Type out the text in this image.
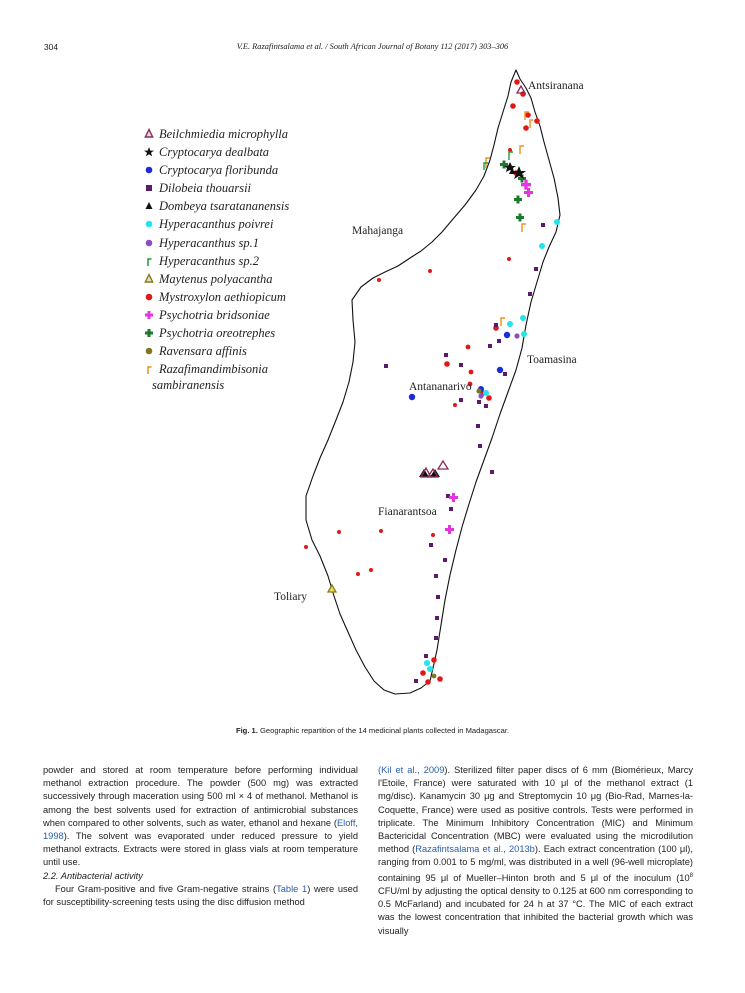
304	V.E. Razafintsalama et al. / South African Journal of Botany 112 (2017) 303–306
Beilchmiedia microphylla
Cryptocarya dealbata
Cryptocarya floribunda
Dilobeia thouarsii
Dombeya tsaratananensis
Hyperacanthus poivrei
Hyperacanthus sp.1
Hyperacanthus sp.2
Maytenus polyacantha
Mystroxylon aethiopicum
Psychotria bridsoniae
Psychotria oreotrephes
Ravensara affinis
Razafimandimbisonia
sambiranensis
Antsiranana
Mahajanga
Toamasina
Antananarivo
Fianarantsoa
Toliary
Fig. 1. Geographic repartition of the 14 medicinal plants collected in Madagascar.

powder and stored at room temperature before performing individual methanol extraction procedure. The powder (500 mg) was extracted successively through maceration using 500 ml × 4 of methanol. Methanol is among the best solvents used for extraction of antimicrobial substances when compared to other solvents, such as water, ethanol and hexane (Eloff, 1998). The solvent was evaporated under reduced pressure to yield methanol extracts. Extracts were stored in glass vials at room temperature until use.

2.2. Antibacterial activity

Four Gram-positive and five Gram-negative strains (Table 1) were used for susceptibility-screening tests using the disc diffusion method

(Kil et al., 2009). Sterilized filter paper discs of 6 mm (Biomérieux, Marcy l'Etoile, France) were saturated with 10 μl of the methanol extract (1 mg/disc). Kanamycin 30 μg and Streptomycin 10 μg (Bio-Rad, Marnes-la-Coquette, France) were used as positive controls. Tests were performed in triplicate. The Minimum Inhibitory Concentration (MIC) and Minimum Bactericidal Concentration (MBC) were evaluated using the microdilution method (Razafintsalama et al., 2013b). Each extract concentration (100 μl), ranging from 0.001 to 5 mg/ml, was distributed in a well (96-well microplate) containing 95 μl of Mueller–Hinton broth and 5 μl of the inoculum ($10^8$ CFU/ml by adjusting the optical density to 0.125 at 600 nm corresponding to 0.5 McFarland) and incubated for 24 h at 37 °C. The MIC of each extract was the lowest concentration that inhibited the bacterial growth which was visually
